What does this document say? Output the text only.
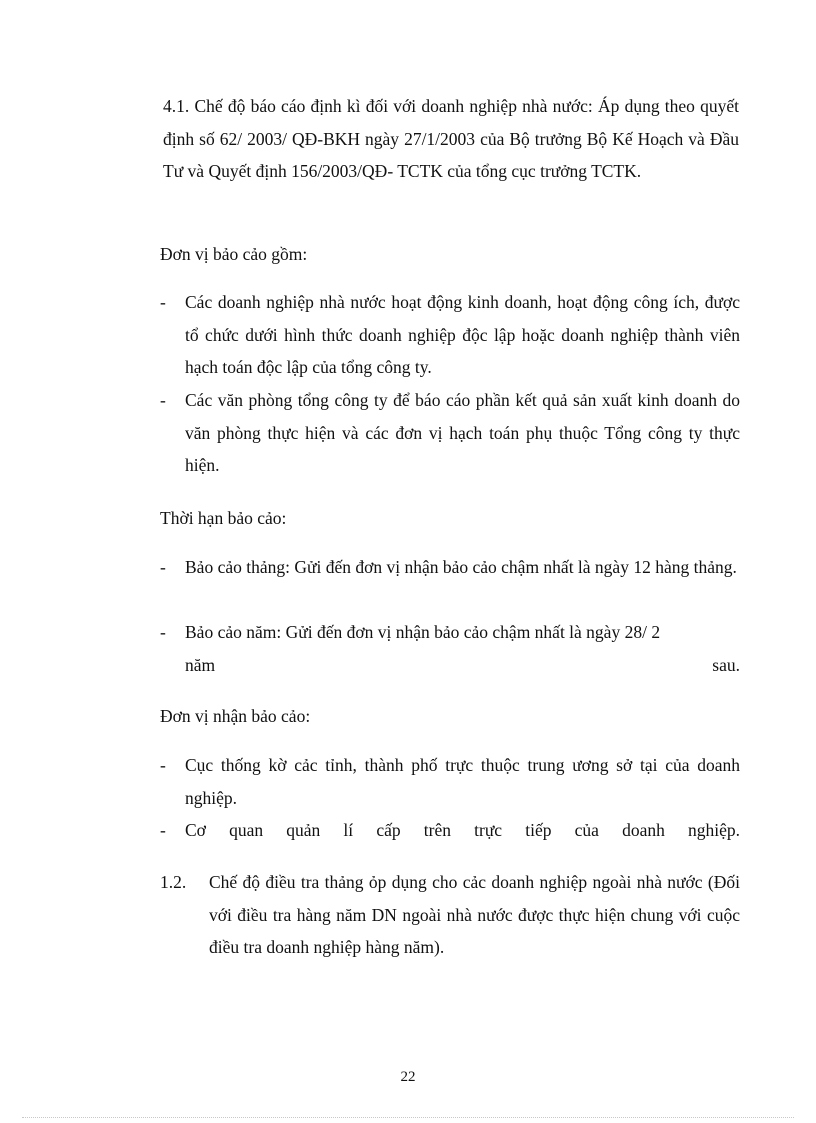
4.1. Chế độ báo cáo định kì đối với doanh nghiệp nhà nước: Áp dụng theo quyết định số 62/ 2003/ QĐ-BKH ngày 27/1/2003 của Bộ trưởng Bộ Kế Hoạch và Đầu Tư và Quyết định 156/2003/QĐ- TCTK của tổng cục trưởng TCTK.
Đơn vị bảo cảo gồm:
-	Các doanh nghiệp nhà nước hoạt động kinh doanh, hoạt động công ích, được tổ chức dưới hình thức doanh nghiệp độc lập hoặc doanh nghiệp thành viên hạch toán độc lập của tổng công ty.
-	Các văn phòng tổng công ty để báo cáo phần kết quả sản xuất kinh doanh do văn phòng thực hiện và các đơn vị hạch toán phụ thuộc Tổng công ty thực hiện.
Thời hạn bảo cảo:
-	Bảo cảo thảng: Gửi đến đơn vị nhận bảo cảo chậm nhất là ngày 12 hàng thảng.
-	Bảo cảo năm: Gửi đến đơn vị nhận bảo cảo chậm nhất là ngày 28/ 2
năm	sau.
Đơn vị nhận bảo cảo:
-	Cục thống kờ cảc tỉnh, thành phố trực thuộc trung ương sở tại của doanh nghiệp.
-	Cơ quan quản lí cấp trên trực tiếp của doanh nghiệp.
1.2. Chế độ điều tra thảng ỏp dụng cho cảc doanh nghiệp ngoài nhà nước (Đối với điều tra hàng năm DN ngoài nhà nước được thực hiện chung với cuộc điều tra doanh nghiệp hàng năm).
22
